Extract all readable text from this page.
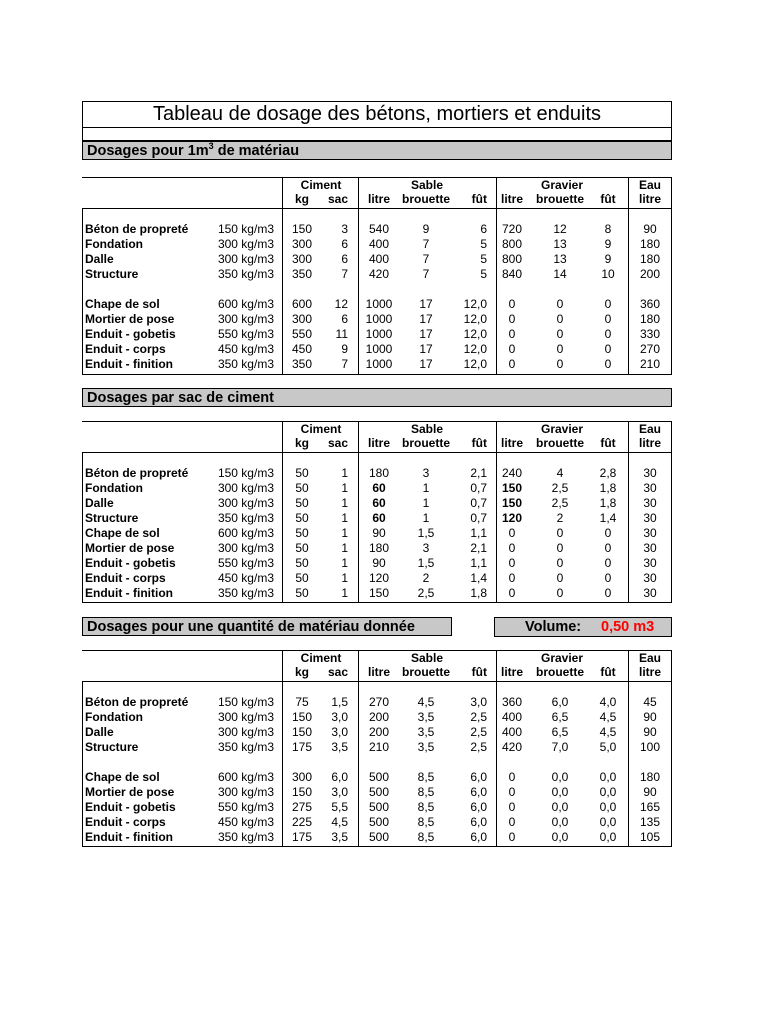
Tableau de dosage des bétons, mortiers et enduits
Dosages pour $1m^3$ de matériau
Dosages par sac de ciment
Dosages pour une quantité de matériau donnée	Volume: 0,50 m3
Ciment	Sable	Gravier	Eau
kg	sac	litre	brouette	fût	litre	brouette	fût	litre
Béton de propreté	150 kg/m3	150	3	540	9	6	720	12	8	90
Fondation	300 kg/m3	300	6	400	7	5	800	13	9	180
Dalle	300 kg/m3	300	6	400	7	5	800	13	9	180
Structure	350 kg/m3	350	7	420	7	5	840	14	10	200
Chape de sol	600 kg/m3	600	12	1000	17	12,0	0	0	0	360
Mortier de pose	300 kg/m3	300	6	1000	17	12,0	0	0	0	180
Enduit - gobetis	550 kg/m3	550	11	1000	17	12,0	0	0	0	330
Enduit - corps	450 kg/m3	450	9	1000	17	12,0	0	0	0	270
Enduit - finition	350 kg/m3	350	7	1000	17	12,0	0	0	0	210
Ciment	Sable	Gravier	Eau
kg	sac	litre	brouette	fût	litre	brouette	fût	litre
Béton de propreté	150 kg/m3	50	1	180	3	2,1	240	4	2,8	30
Fondation	300 kg/m3	50	1	60	1	0,7	150	2,5	1,8	30
Dalle	300 kg/m3	50	1	60	1	0,7	150	2,5	1,8	30
Structure	350 kg/m3	50	1	60	1	0,7	120	2	1,4	30
Chape de sol	600 kg/m3	50	1	90	1,5	1,1	0	0	0	30
Mortier de pose	300 kg/m3	50	1	180	3	2,1	0	0	0	30
Enduit - gobetis	550 kg/m3	50	1	90	1,5	1,1	0	0	0	30
Enduit - corps	450 kg/m3	50	1	120	2	1,4	0	0	0	30
Enduit - finition	350 kg/m3	50	1	150	2,5	1,8	0	0	0	30
Ciment	Sable	Gravier	Eau
kg	sac	litre	brouette	fût	litre	brouette	fût	litre
Béton de propreté	150 kg/m3	75	1,5	270	4,5	3,0	360	6,0	4,0	45
Fondation	300 kg/m3	150	3,0	200	3,5	2,5	400	6,5	4,5	90
Dalle	300 kg/m3	150	3,0	200	3,5	2,5	400	6,5	4,5	90
Structure	350 kg/m3	175	3,5	210	3,5	2,5	420	7,0	5,0	100
Chape de sol	600 kg/m3	300	6,0	500	8,5	6,0	0	0,0	0,0	180
Mortier de pose	300 kg/m3	150	3,0	500	8,5	6,0	0	0,0	0,0	90
Enduit - gobetis	550 kg/m3	275	5,5	500	8,5	6,0	0	0,0	0,0	165
Enduit - corps	450 kg/m3	225	4,5	500	8,5	6,0	0	0,0	0,0	135
Enduit - finition	350 kg/m3	175	3,5	500	8,5	6,0	0	0,0	0,0	105
